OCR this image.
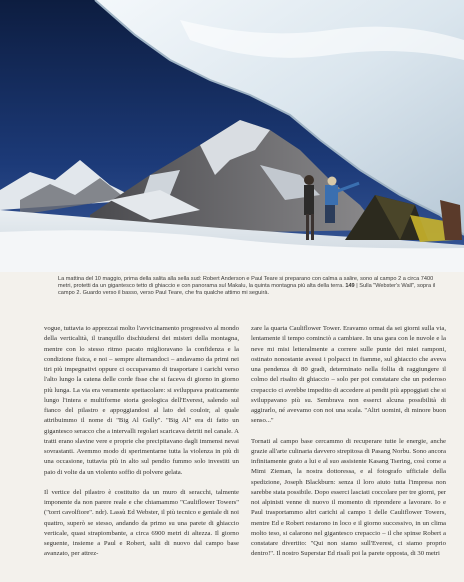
La mattina del 10 maggio, prima della salita alla sella sud: Robert Anderson e Paul Teare si preparano con calma a salire, sono al campo 2 a circa 7400 metri, protetti da un gigantesco tetto di ghiaccio e con panorama sul Makalu, la quinta montagna più alta della terra. 149 | Sulla "Webster's Wall", sopra il campo 2. Guardo verso il basso, verso Paul Teare, che fra qualche attimo mi seguirà.

vogue, tuttavia io apprezzai molto l'avvicinamento progressivo al mondo della verticalità, il tranquillo dischiudersi dei misteri della montagna, mentre con lo stesso ritmo pacato miglioravano la confidenza e la condizione fisica, e noi – sempre alternandoci – andavamo da primi nei tiri più impegnativi oppure ci occupavamo di trasportare i carichi verso l'alto lungo la catena delle corde fisse che si faceva di giorno in giorno più lunga. La via era veramente spettacolare: si sviluppava praticamente lungo l'intera e multiforme storia geologica dell'Everest, salendo sul fianco del pilastro e appoggiandosi al lato del couloir, al quale attribuimmo il nome di "Big Al Gully". "Big Al" era di fatto un gigantesco seracco che a intervalli regolari scaricava detriti nel canale. A tratti erano slavine vere e proprie che precipitavano dagli immensi nevai sovrastanti. Avemmo modo di sperimentarne tutta la violenza in più di una occasione, tuttavia più in alto sul pendio fummo solo investiti un paio di volte da un violento soffio di polvere gelata.

Il vertice del pilastro è costituito da un muro di seracchi, talmente imponente da non parere reale e che chiamammo "Cauliflower Towers" ("torri cavolfiore". ndr). Lassù Ed Webster, il più tecnico e geniale di noi quattro, superò se stesso, andando da primo su una parete di ghiaccio verticale, quasi strapiombante, a circa 6900 metri di altezza. Il giorno seguente, insieme a Paul e Robert, salii di nuovo dal campo base avanzato, per attrez-

zare la quarta Cauliflower Tower. Eravamo ormai da sei giorni sulla via, lentamente il tempo cominciò a cambiare. In una gara con le nuvole e la neve mi misi letteralmente a correre sulle punte dei miei ramponi, ostinato nonostante avessi i polpacci in fiamme, sul ghiaccio che aveva una pendenza di 80 gradi, determinato nella follia di raggiungere il colmo del risalto di ghiaccio – solo per poi constatare che un poderoso crepaccio ci avrebbe impedito di accedere ai pendii più appoggiati che si sviluppavano più su. Sembrava non esserci alcuna possibilità di aggirarlo, né avevamo con noi una scala. "Altri uomini, di minore buon senso..."

Tornati al campo base cercammo di recuperare tutte le energie, anche grazie all'arte culinaria davvero strepitosa di Pasang Norbu. Sono ancora infinitamente grato a lui e al suo assistente Kasang Tsering, così come a Mimi Zieman, la nostra dottoressa, e al fotografo ufficiale della spedizione, Joseph Blackburn: senza il loro aiuto tutta l'impresa non sarebbe stata possibile. Dopo esserci lasciati coccolare per tre giorni, per noi alpinisti venne di nuovo il momento di riprendere a lavorare. Io e Paul trasportammo altri carichi al campo 1 delle Cauliflower Towers, mentre Ed e Robert restarono in loco e il giorno successivo, in un clima molto teso, si calarono nel gigantesco crepaccio – il che spinse Robert a constatare divertito: "Qui non siamo sull'Everest, ci siamo proprio dentro!". Il nostro Superstar Ed risalì poi la parete opposta, di 30 metri
